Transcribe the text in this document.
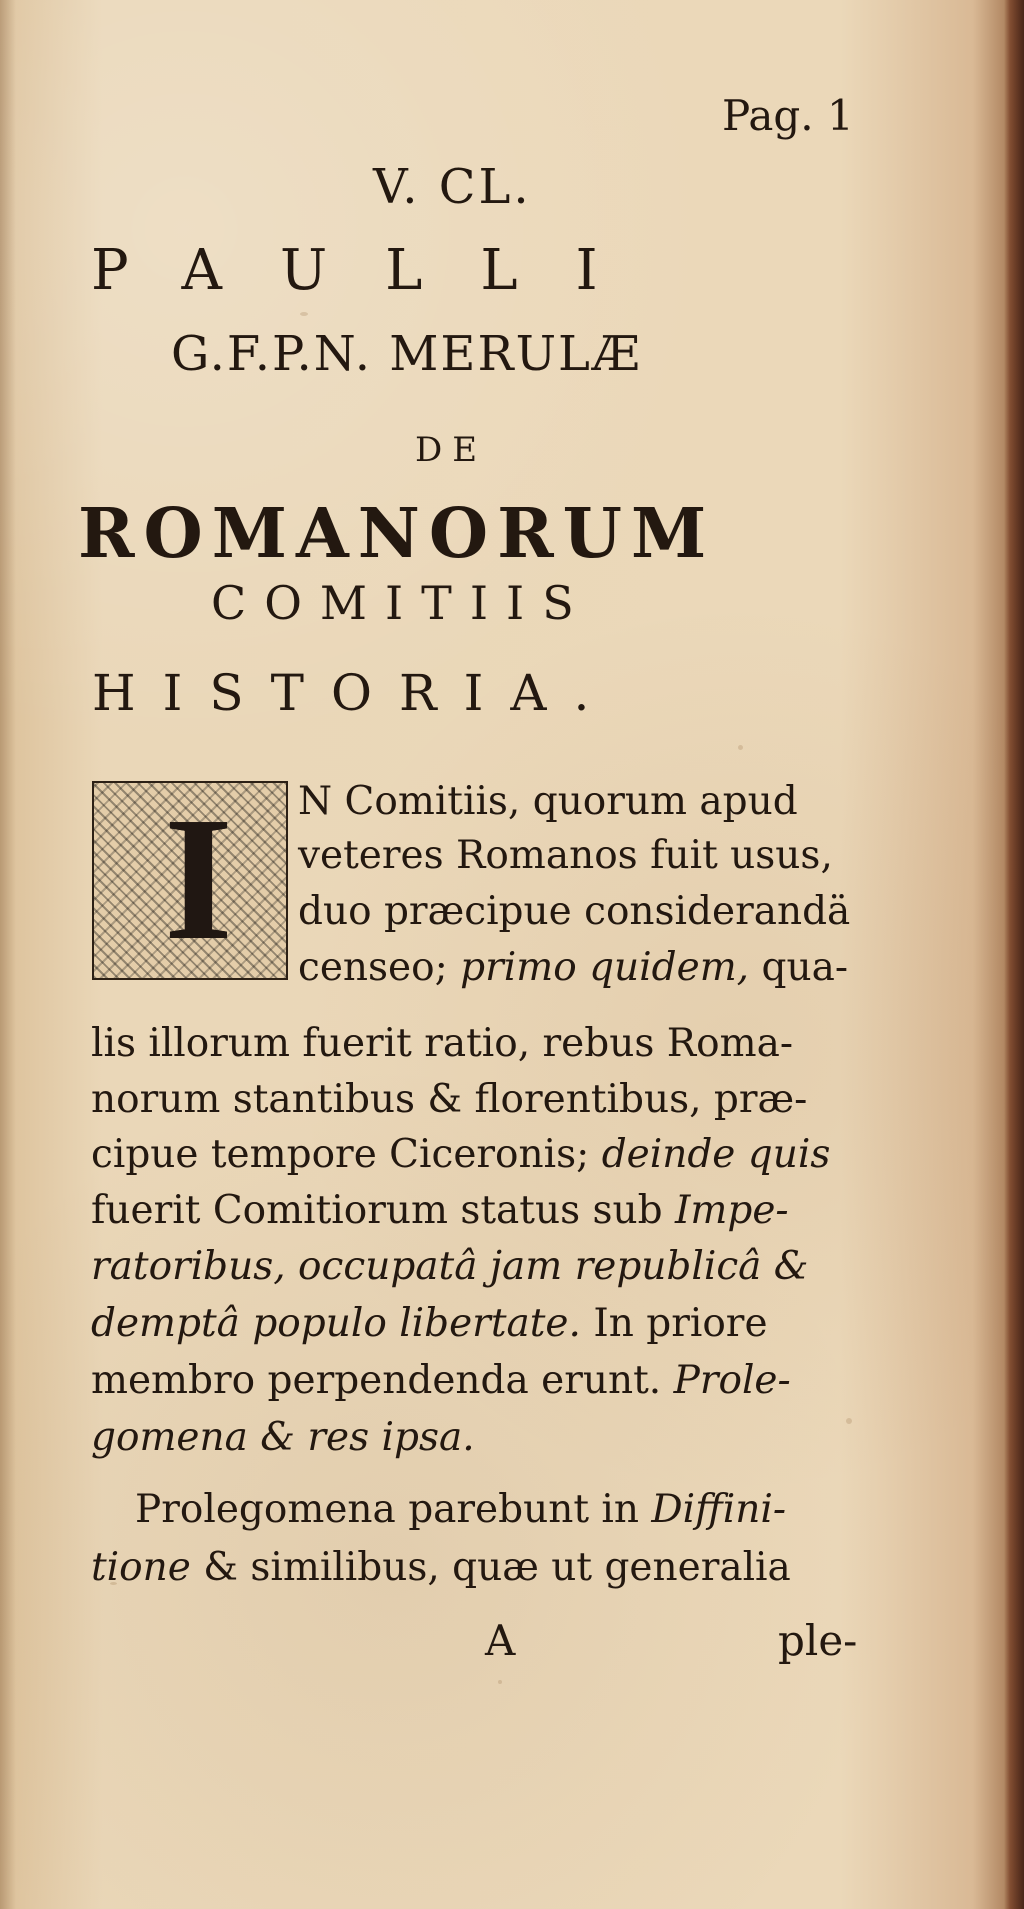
Pag. 1
V. CL.
PAULLI
G.F.P.N. MERULÆ
DE
ROMANORUM
COMITIIS
HISTORIA.
I N Comitiis, quorum apud
veteres Romanos fuit usus,
duo præcipue considerandä
censeo; primo quidem, qua-
lis illorum fuerit ratio, rebus Roma-
norum stantibus & florentibus, præ-
cipue tempore Ciceronis; deinde quis
fuerit Comitiorum status sub Impe-
ratoribus, occupatâ jam republicâ &
demptâ populo libertate. In priore
membro perpendenda erunt. Prole-
gomena & res ipsa.
Prolegomena parebunt in Diffini-
tione & similibus, quæ ut generalia
A	ple-
